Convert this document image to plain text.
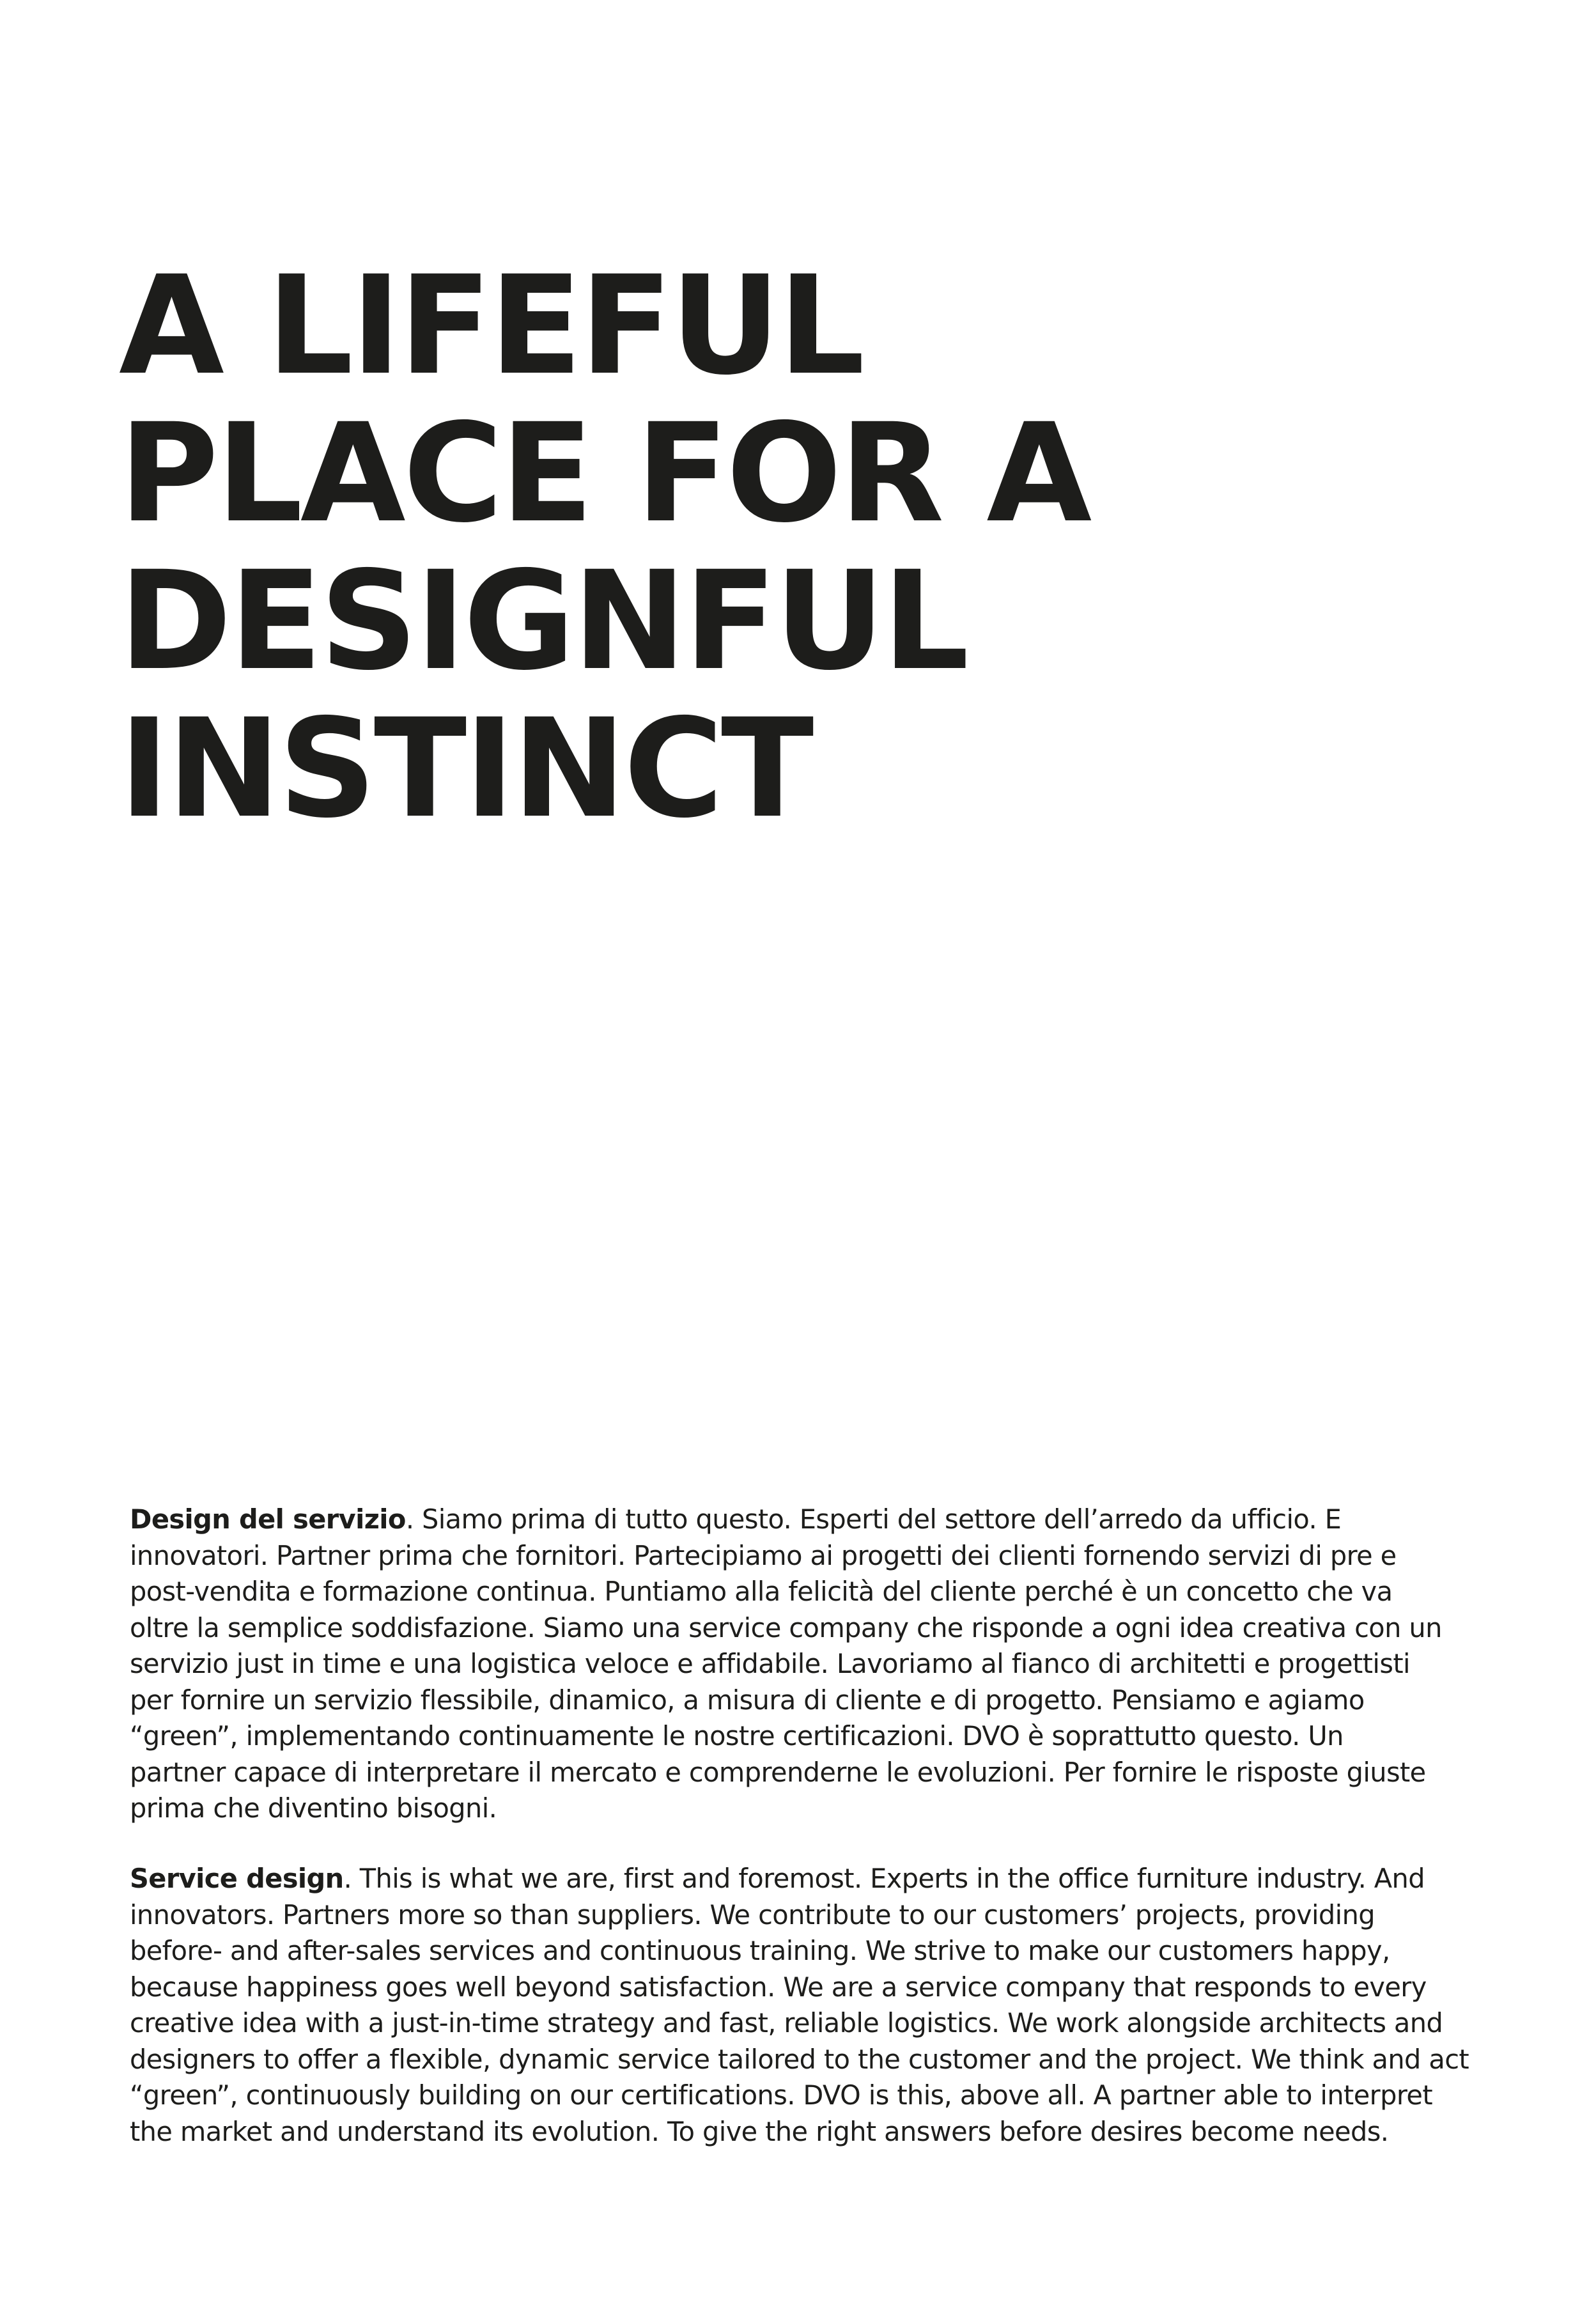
A LIFEFUL
PLACE FOR A
DESIGNFUL
INSTINCT
Design del servizio. Siamo prima di tutto questo. Esperti del settore dell’arredo da ufficio. E
innovatori. Partner prima che fornitori. Partecipiamo ai progetti dei clienti fornendo servizi di pre e
post-vendita e formazione continua. Puntiamo alla felicità del cliente perché è un concetto che va
oltre la semplice soddisfazione. Siamo una service company che risponde a ogni idea creativa con un
servizio just in time e una logistica veloce e affidabile. Lavoriamo al fianco di architetti e progettisti
per fornire un servizio flessibile, dinamico, a misura di cliente e di progetto. Pensiamo e agiamo
“green”, implementando continuamente le nostre certificazioni. DVO è soprattutto questo. Un
partner capace di interpretare il mercato e comprenderne le evoluzioni. Per fornire le risposte giuste
prima che diventino bisogni.
Service design. This is what we are, first and foremost. Experts in the office furniture industry. And
innovators. Partners more so than suppliers. We contribute to our customers’ projects, providing
before- and after-sales services and continuous training. We strive to make our customers happy,
because happiness goes well beyond satisfaction. We are a service company that responds to every
creative idea with a just-in-time strategy and fast, reliable logistics. We work alongside architects and
designers to offer a flexible, dynamic service tailored to the customer and the project. We think and act
“green”, continuously building on our certifications. DVO is this, above all. A partner able to interpret
the market and understand its evolution. To give the right answers before desires become needs.
